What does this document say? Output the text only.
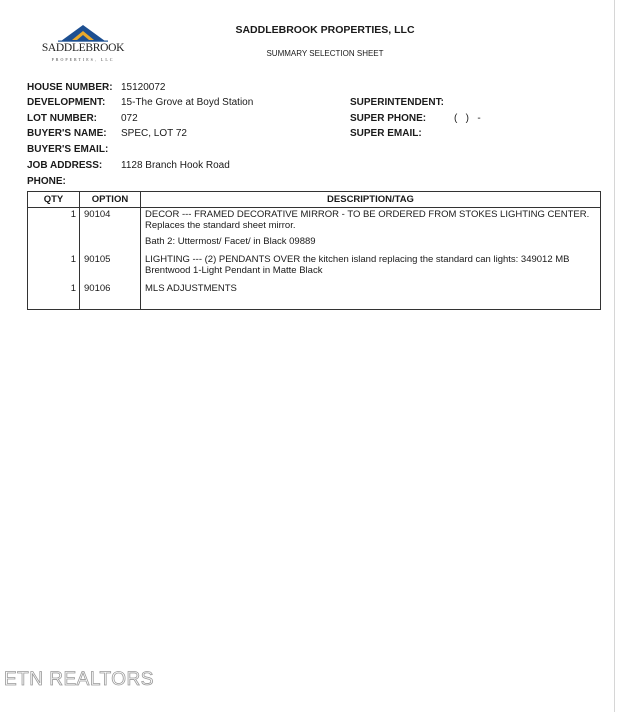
SADDLEBROOK
PROPERTIES, LLC
SADDLEBROOK PROPERTIES, LLC
SUMMARY SELECTION SHEET
HOUSE NUMBER: 15120072
DEVELOPMENT: 15-The Grove at Boyd Station
LOT NUMBER: 072
BUYER'S NAME: SPEC, LOT 72
BUYER'S EMAIL:
JOB ADDRESS: 1128 Branch Hook Road
PHONE:
SUPERINTENDENT:
SUPER PHONE:	(   )   -
SUPER EMAIL:
QTY	OPTION	DESCRIPTION/TAG
1	90104	DECOR --- FRAMED DECORATIVE MIRROR - TO BE ORDERED FROM STOKES LIGHTING CENTER. Replaces the standard sheet mirror.

Bath 2: Uttermost/ Facet/ in Black 09889

1	90105	LIGHTING --- (2) PENDANTS OVER the kitchen island replacing the standard can lights: 349012 MB Brentwood 1-Light Pendant in Matte Black

1	90106	MLS ADJUSTMENTS

ETN REALTORS
